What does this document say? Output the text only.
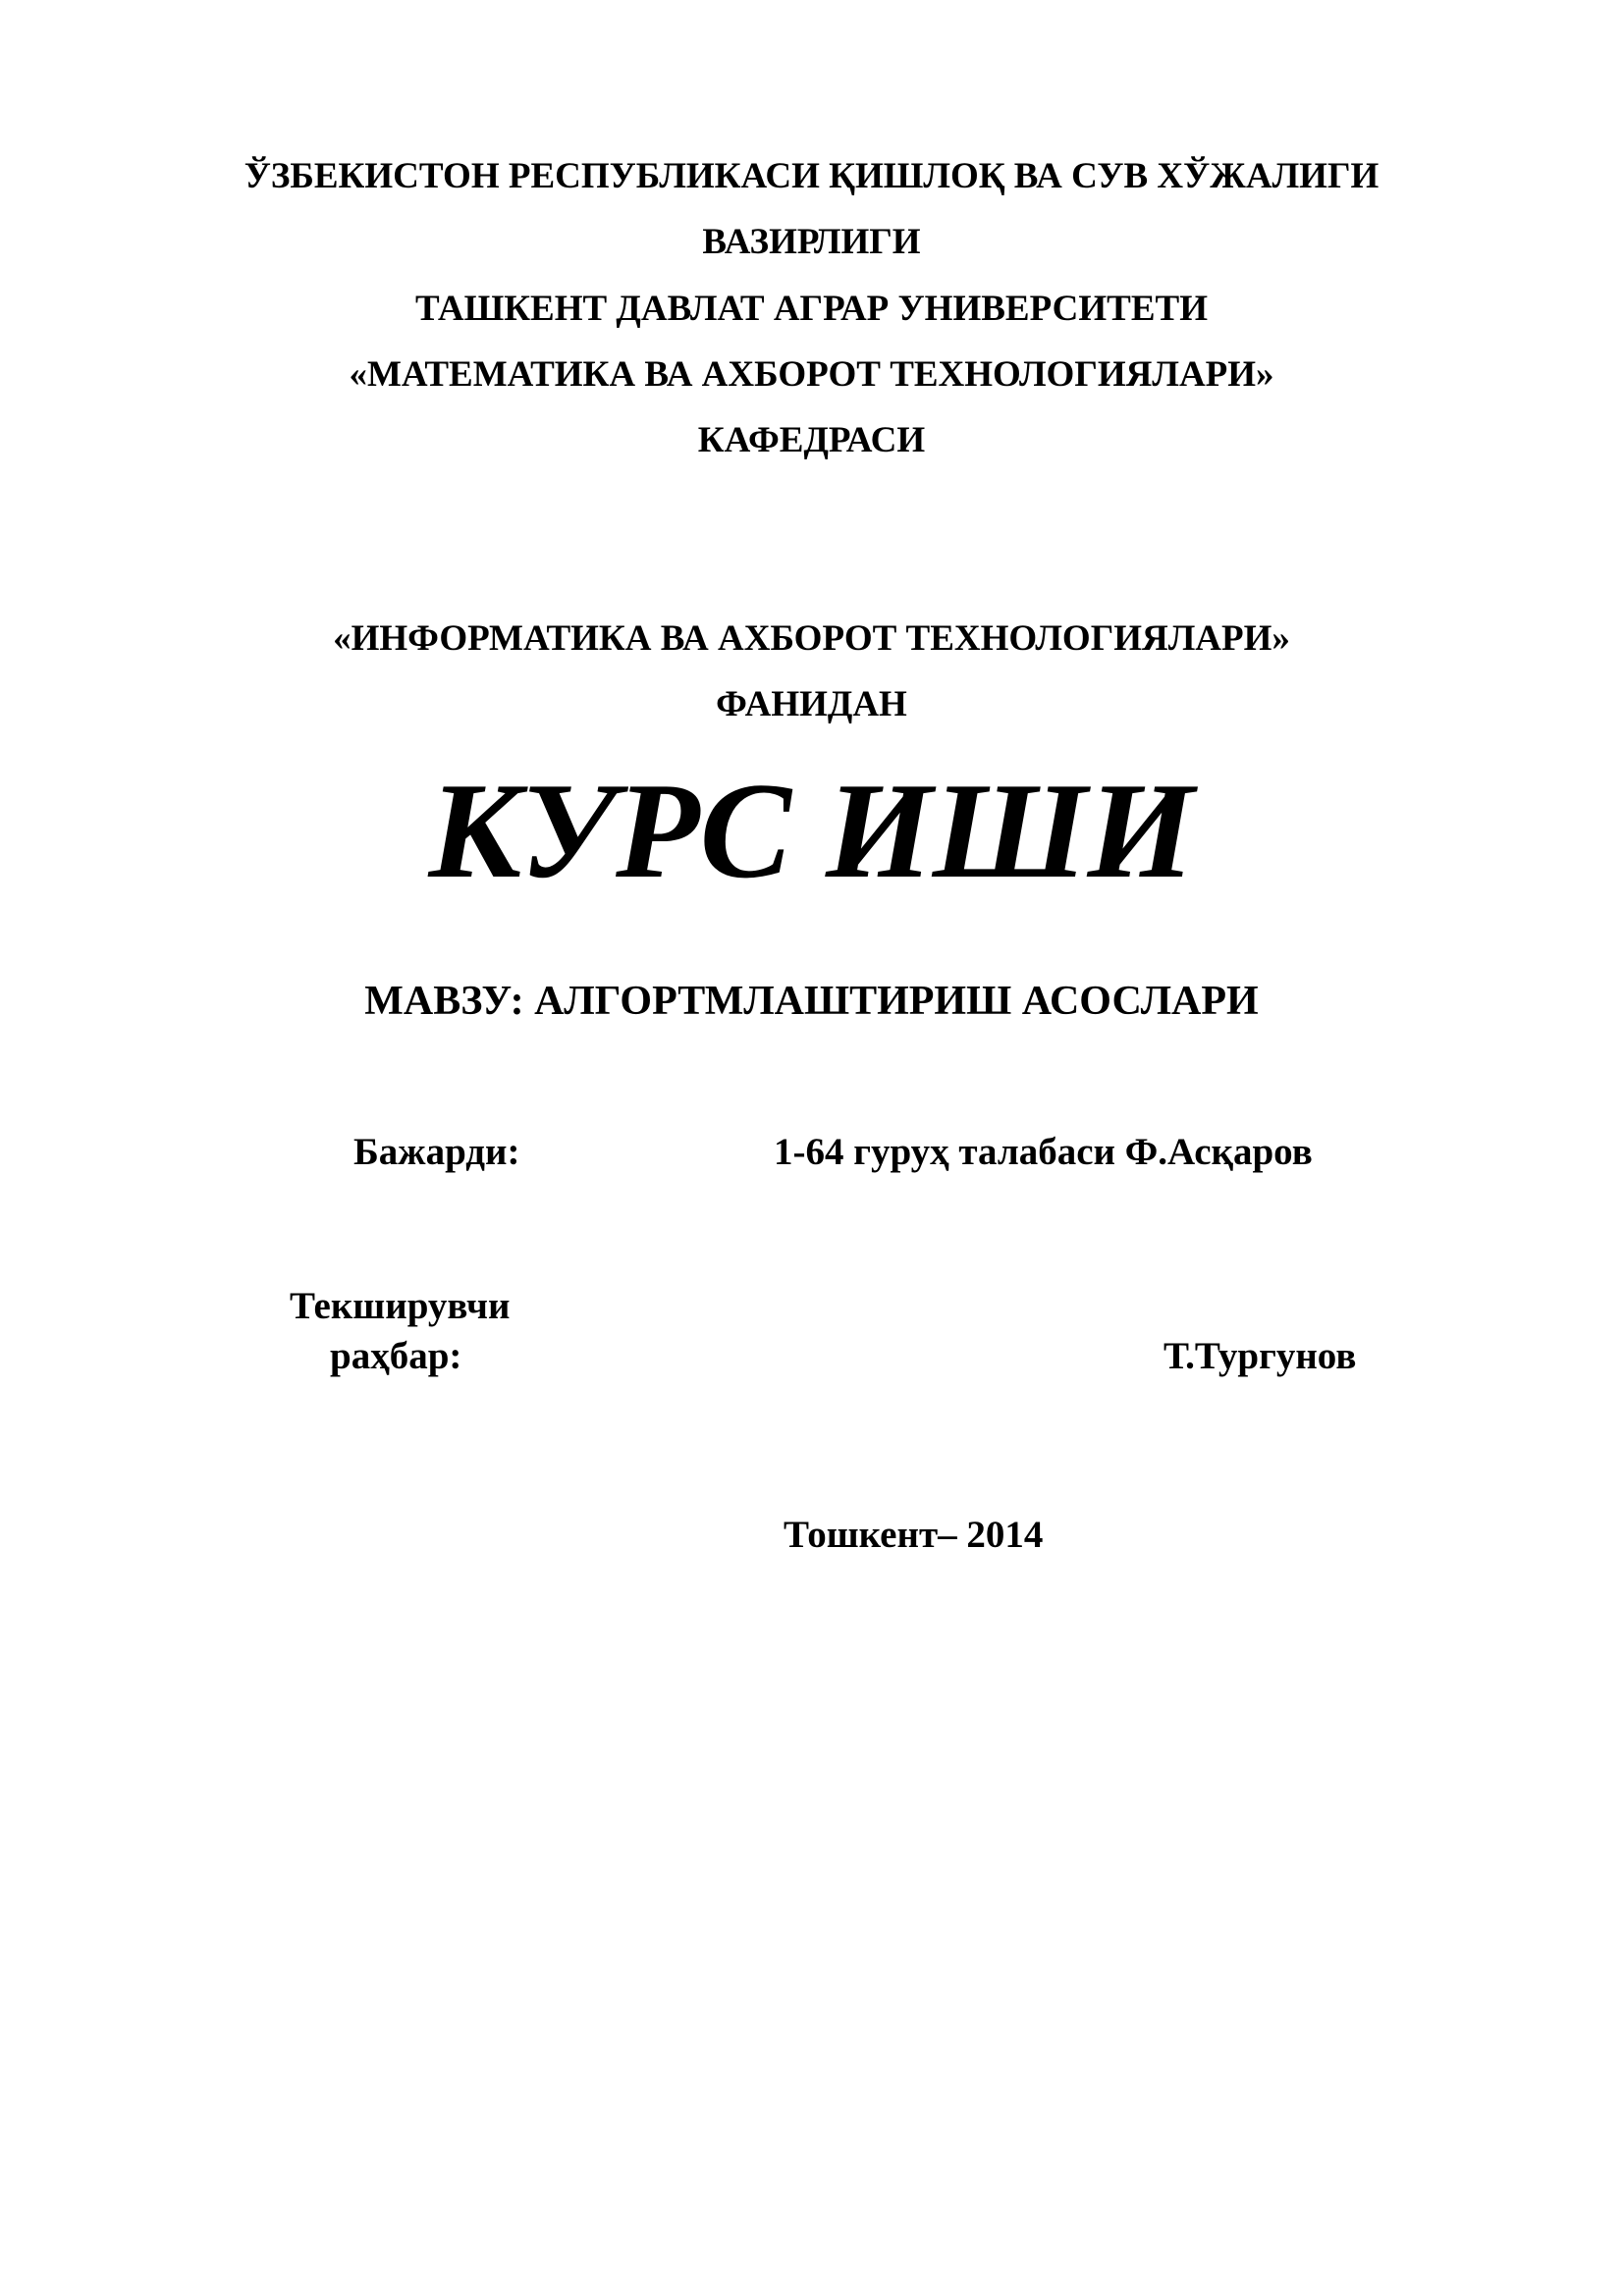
ЎЗБЕКИСТОН РЕСПУБЛИКАСИ ҚИШЛОҚ ВА СУВ ХЎЖАЛИГИ
ВАЗИРЛИГИ
ТАШКЕНТ ДАВЛАТ АГРАР УНИВЕРСИТЕТИ
«МАТЕМАТИКА ВА АХБОРОТ ТЕХНОЛОГИЯЛАРИ»
КАФЕДРАСИ
«ИНФОРМАТИКА ВА АХБОРОТ ТЕХНОЛОГИЯЛАРИ»
ФАНИДАН
КУРС ИШИ
МАВЗУ: АЛГОРТМЛАШТИРИШ АСОСЛАРИ
Бажарди:	1-64 гуруҳ талабаси Ф.Асқаров
Текширувчи
раҳбар:	Т.Тургунов
Тошкент– 2014
